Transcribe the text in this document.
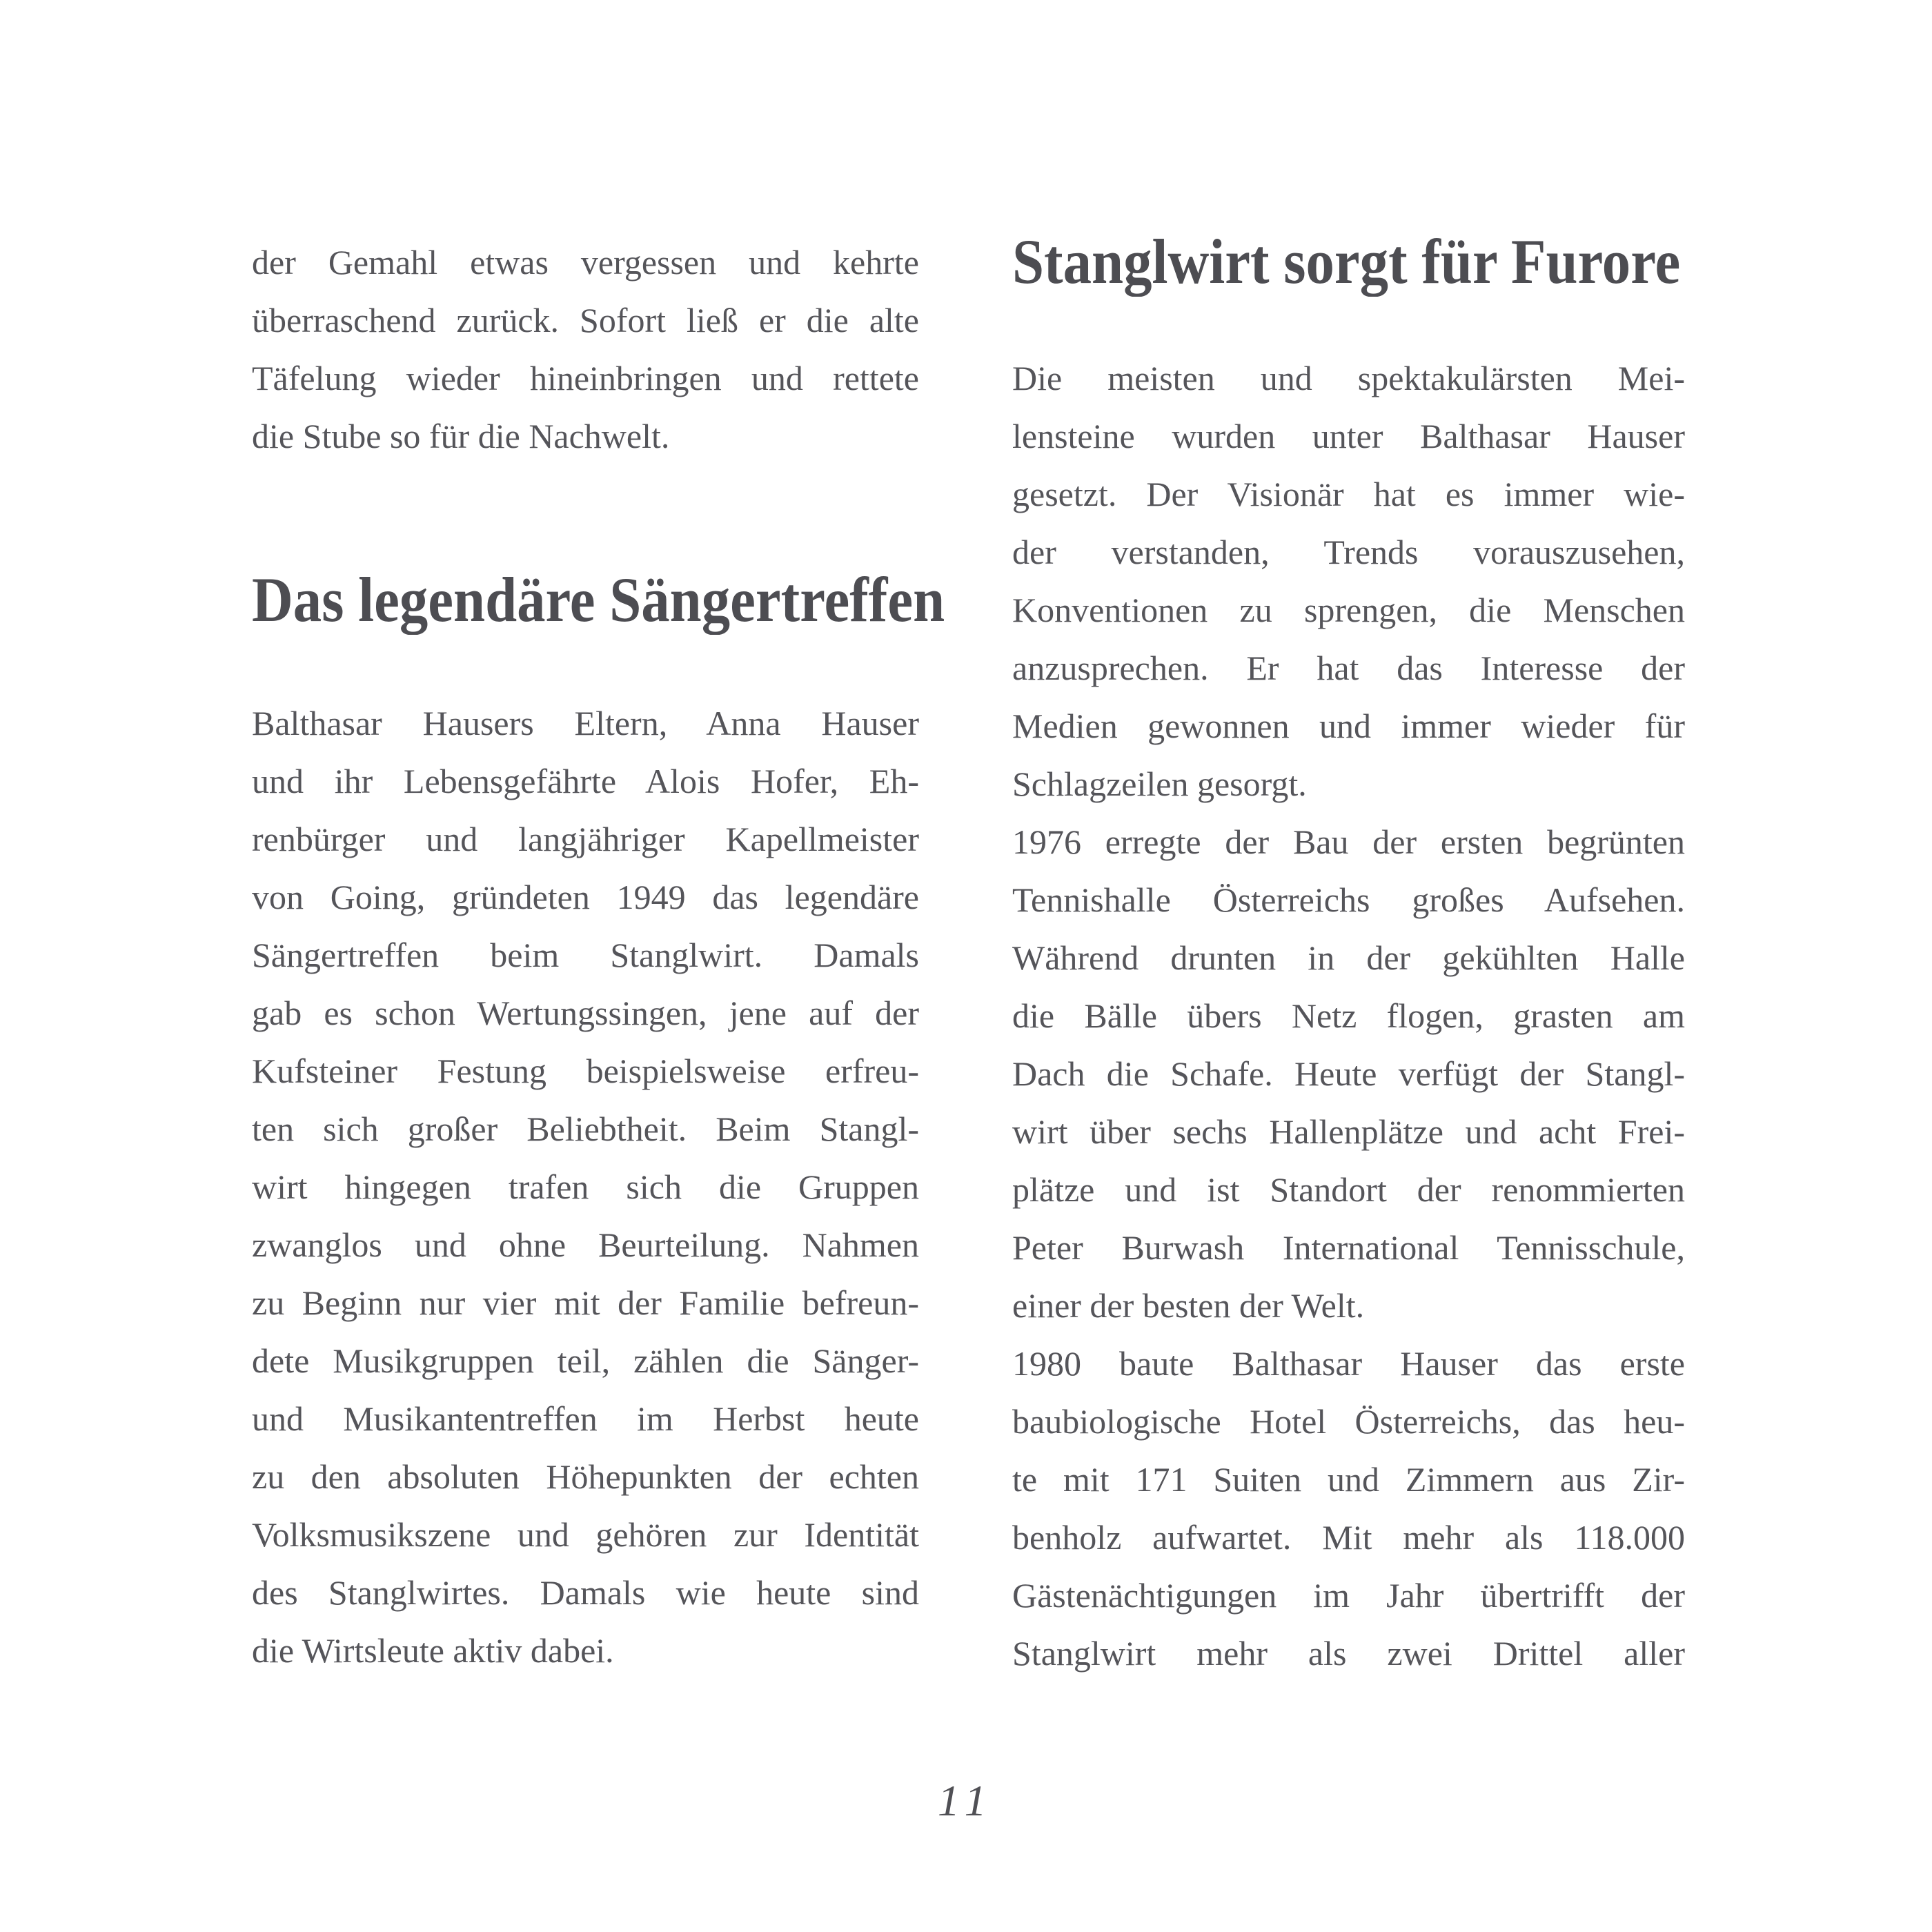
der Gemahl etwas vergessen und kehrte
überraschend zurück. Sofort ließ er die alte
Täfelung wieder hineinbringen und rettete
die Stube so für die Nachwelt.
Das legendäre Sängertreffen
Balthasar Hausers Eltern, Anna Hauser
und ihr Lebensgefährte Alois Hofer, Eh-
renbürger und langjähriger Kapellmeister
von Going, gründeten 1949 das legendäre
Sängertreffen beim Stanglwirt. Damals
gab es schon Wertungssingen, jene auf der
Kufsteiner Festung beispielsweise erfreu-
ten sich großer Beliebtheit. Beim Stangl-
wirt hingegen trafen sich die Gruppen
zwanglos und ohne Beurteilung. Nahmen
zu Beginn nur vier mit der Familie befreun-
dete Musikgruppen teil, zählen die Sänger-
und Musikantentreffen im Herbst heute
zu den absoluten Höhepunkten der echten
Volksmusikszene und gehören zur Identität
des Stanglwirtes. Damals wie heute sind
die Wirtsleute aktiv dabei.
Stanglwirt sorgt für Furore
Die meisten und spektakulärsten Mei-
lensteine wurden unter Balthasar Hauser
gesetzt. Der Visionär hat es immer wie-
der verstanden, Trends vorauszusehen,
Konventionen zu sprengen, die Menschen
anzusprechen. Er hat das Interesse der
Medien gewonnen und immer wieder für
Schlagzeilen gesorgt.
1976 erregte der Bau der ersten begrünten
Tennishalle Österreichs großes Aufsehen.
Während drunten in der gekühlten Halle
die Bälle übers Netz flogen, grasten am
Dach die Schafe. Heute verfügt der Stangl-
wirt über sechs Hallenplätze und acht Frei-
plätze und ist Standort der renommierten
Peter Burwash International Tennisschule,
einer der besten der Welt.
1980 baute Balthasar Hauser das erste
baubiologische Hotel Österreichs, das heu-
te mit 171 Suiten und Zimmern aus Zir-
benholz aufwartet. Mit mehr als 118.000
Gästenächtigungen im Jahr übertrifft der
Stanglwirt mehr als zwei Drittel aller
11
